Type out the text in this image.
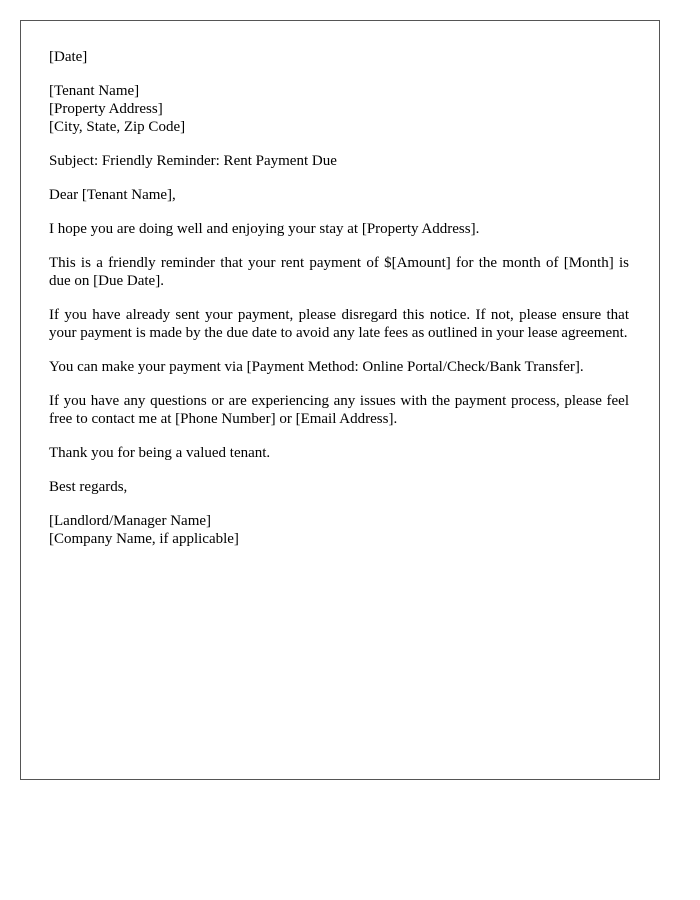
[Date]

[Tenant Name]
[Property Address]
[City, State, Zip Code]

Subject: Friendly Reminder: Rent Payment Due

Dear [Tenant Name],

I hope you are doing well and enjoying your stay at [Property Address].

This is a friendly reminder that your rent payment of $[Amount] for the month of [Month] is due on [Due Date].

If you have already sent your payment, please disregard this notice. If not, please ensure that your payment is made by the due date to avoid any late fees as outlined in your lease agreement.

You can make your payment via [Payment Method: Online Portal/Check/Bank Transfer].

If you have any questions or are experiencing any issues with the payment process, please feel free to contact me at [Phone Number] or [Email Address].

Thank you for being a valued tenant.

Best regards,

[Landlord/Manager Name]
[Company Name, if applicable]
